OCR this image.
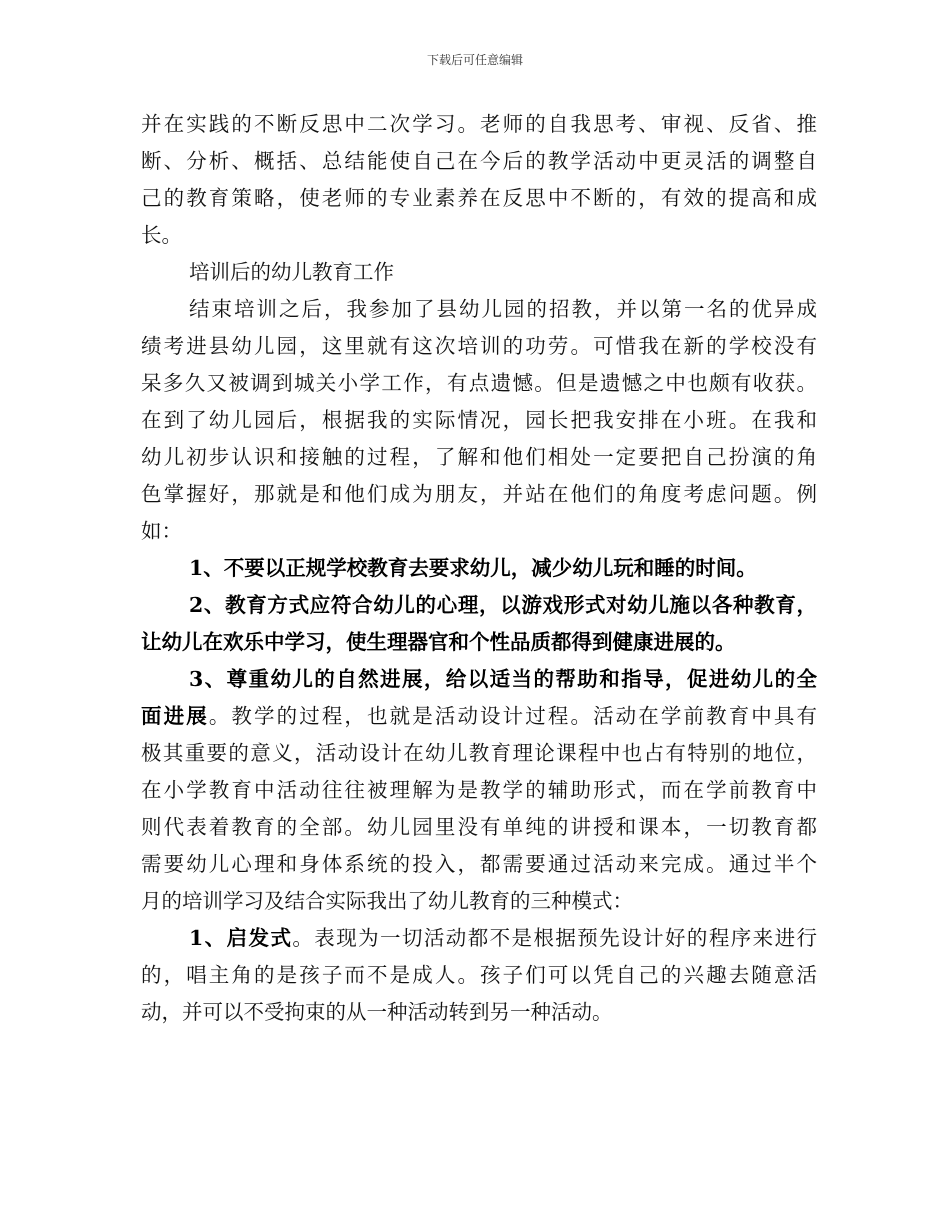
下载后可任意编辑
并在实践的不断反思中二次学习。老师的自我思考、审视、反省、推
断、分析、概括、总结能使自己在今后的教学活动中更灵活的调整自
己的教育策略，使老师的专业素养在反思中不断的，有效的提高和成
长。
培训后的幼儿教育工作
结束培训之后，我参加了县幼儿园的招教，并以第一名的优异成
绩考进县幼儿园，这里就有这次培训的功劳。可惜我在新的学校没有
呆多久又被调到城关小学工作，有点遗憾。但是遗憾之中也颇有收获。
在到了幼儿园后，根据我的实际情况，园长把我安排在小班。在我和
幼儿初步认识和接触的过程，了解和他们相处一定要把自己扮演的角
色掌握好，那就是和他们成为朋友，并站在他们的角度考虑问题。例
如：
1、不要以正规学校教育去要求幼儿，减少幼儿玩和睡的时间。
2、教育方式应符合幼儿的心理，以游戏形式对幼儿施以各种教育，
让幼儿在欢乐中学习，使生理器官和个性品质都得到健康进展的。
3、尊重幼儿的自然进展，给以适当的帮助和指导，促进幼儿的全
面进展。教学的过程，也就是活动设计过程。活动在学前教育中具有
极其重要的意义，活动设计在幼儿教育理论课程中也占有特别的地位，
在小学教育中活动往往被理解为是教学的辅助形式，而在学前教育中
则代表着教育的全部。幼儿园里没有单纯的讲授和课本，一切教育都
需要幼儿心理和身体系统的投入，都需要通过活动来完成。通过半个
月的培训学习及结合实际我出了幼儿教育的三种模式：
1、启发式。表现为一切活动都不是根据预先设计好的程序来进行
的，唱主角的是孩子而不是成人。孩子们可以凭自己的兴趣去随意活
动，并可以不受拘束的从一种活动转到另一种活动。
